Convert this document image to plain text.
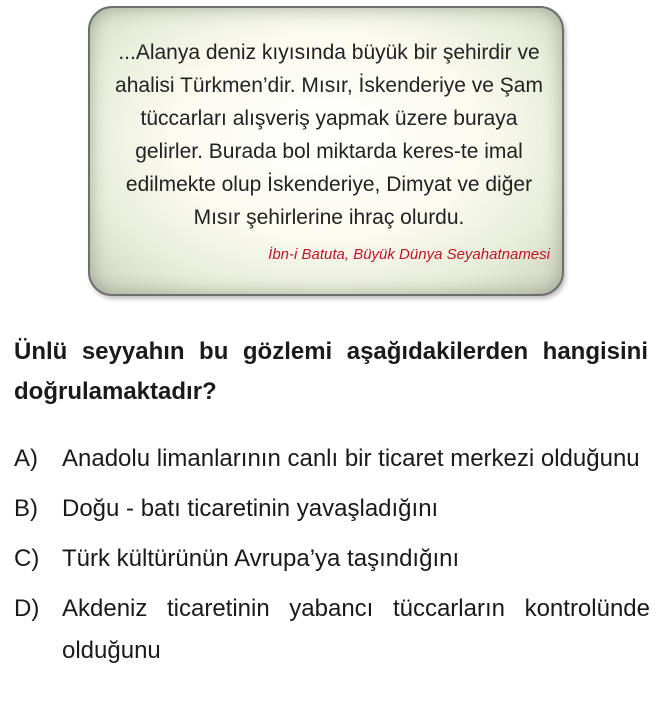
...Alanya deniz kıyısında büyük bir şehirdir ve ahalisi Türkmen’dir. Mısır, İskenderiye ve Şam tüccarları alışveriş yapmak üzere buraya gelirler. Burada bol miktarda keres-te imal edilmekte olup İskenderiye, Dimyat ve diğer Mısır şehirlerine ihraç olurdu.

İbn-i Batuta, Büyük Dünya Seyahatnamesi

Ünlü seyyahın bu gözlemi aşağıdakilerden hangisini doğrulamaktadır?

A) Anadolu limanlarının canlı bir ticaret merkezi olduğunu
B) Doğu - batı ticaretinin yavaşladığını
C) Türk kültürünün Avrupa’ya taşındığını
D) Akdeniz ticaretinin yabancı tüccarların kontrolünde olduğunu
